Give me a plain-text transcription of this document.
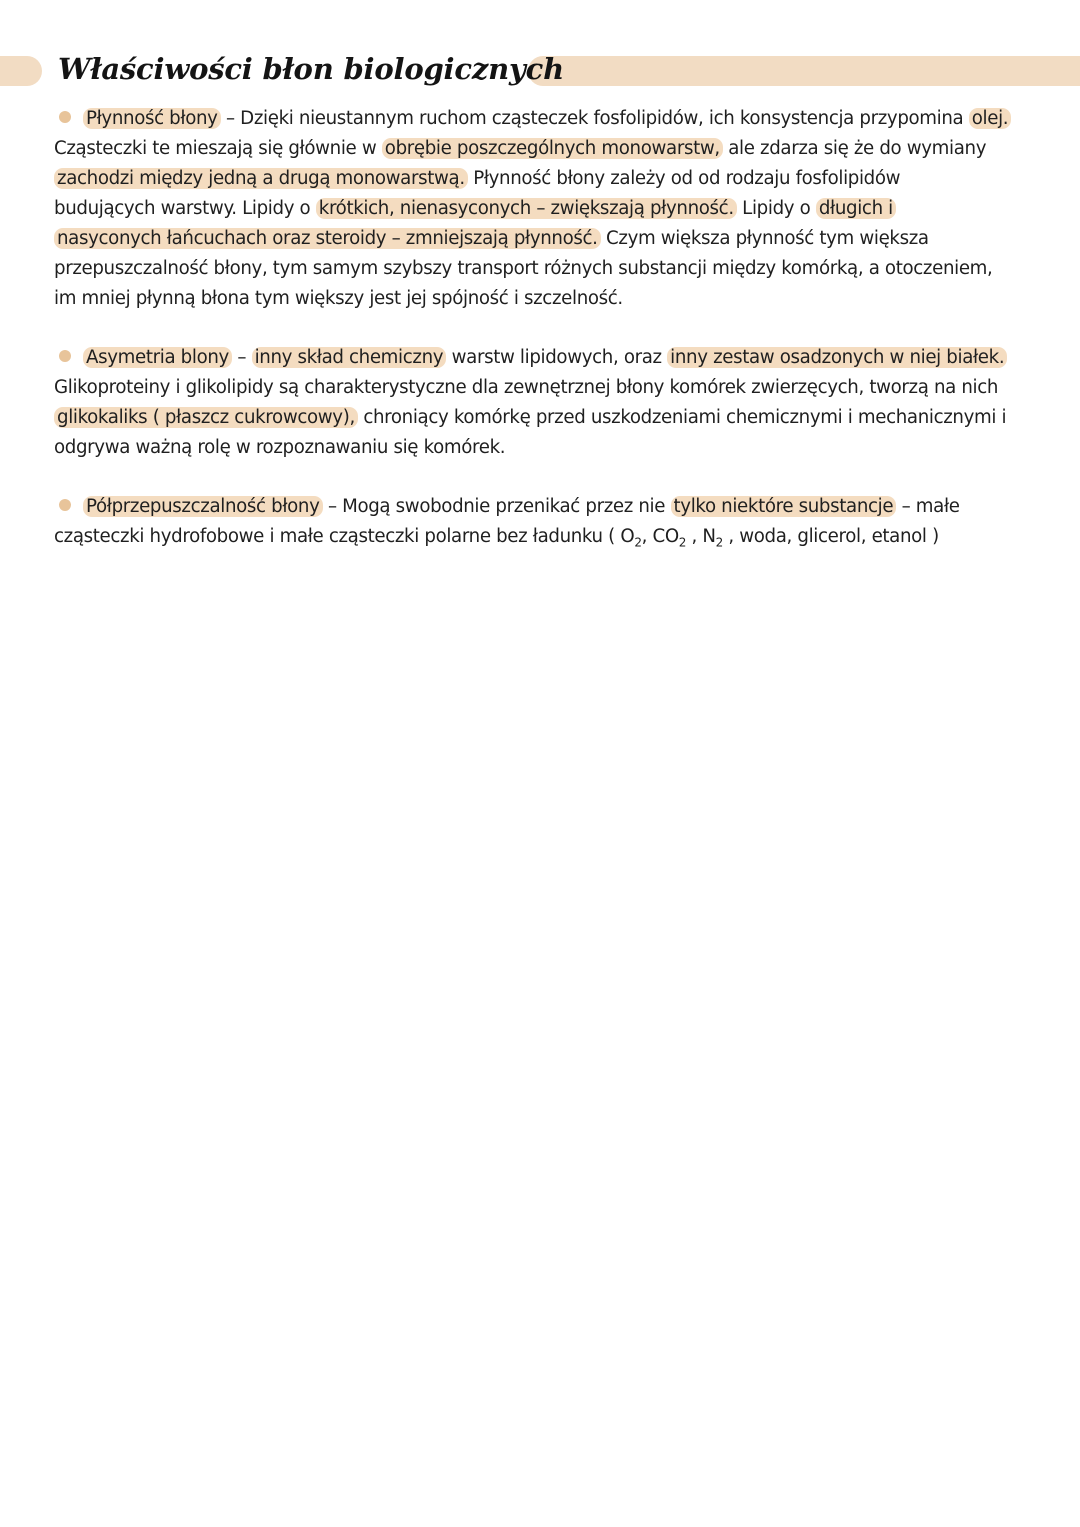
Właściwości błon biologicznych
Płynność błony – Dzięki nieustannym ruchom cząsteczek fosfolipidów, ich konsystencja przypomina olej.
Cząsteczki te mieszają się głównie w obrębie poszczególnych monowarstw, ale zdarza się że do wymiany
zachodzi między jedną a drugą monowarstwą. Płynność błony zależy od od rodzaju fosfolipidów
budujących warstwy. Lipidy o krótkich, nienasyconych – zwiększają płynność. Lipidy o długich i
nasyconych łańcuchach oraz steroidy – zmniejszają płynność. Czym większa płynność tym większa
przepuszczalność błony, tym samym szybszy transport różnych substancji między komórką, a otoczeniem,
im mniej płynną błona tym większy jest jej spójność i szczelność.
Asymetria blony – inny skład chemiczny warstw lipidowych, oraz inny zestaw osadzonych w niej białek.
Glikoproteiny i glikolipidy są charakterystyczne dla zewnętrznej błony komórek zwierzęcych, tworzą na nich
glikokaliks ( płaszcz cukrowcowy), chroniący komórkę przed uszkodzeniami chemicznymi i mechanicznymi i
odgrywa ważną rolę w rozpoznawaniu się komórek.
Półprzepuszczalność błony – Mogą swobodnie przenikać przez nie tylko niektóre substancje – małe
cząsteczki hydrofobowe i małe cząsteczki polarne bez ładunku ( $O_2$, $CO_2$ , $N_2$ , woda, glicerol, etanol )
